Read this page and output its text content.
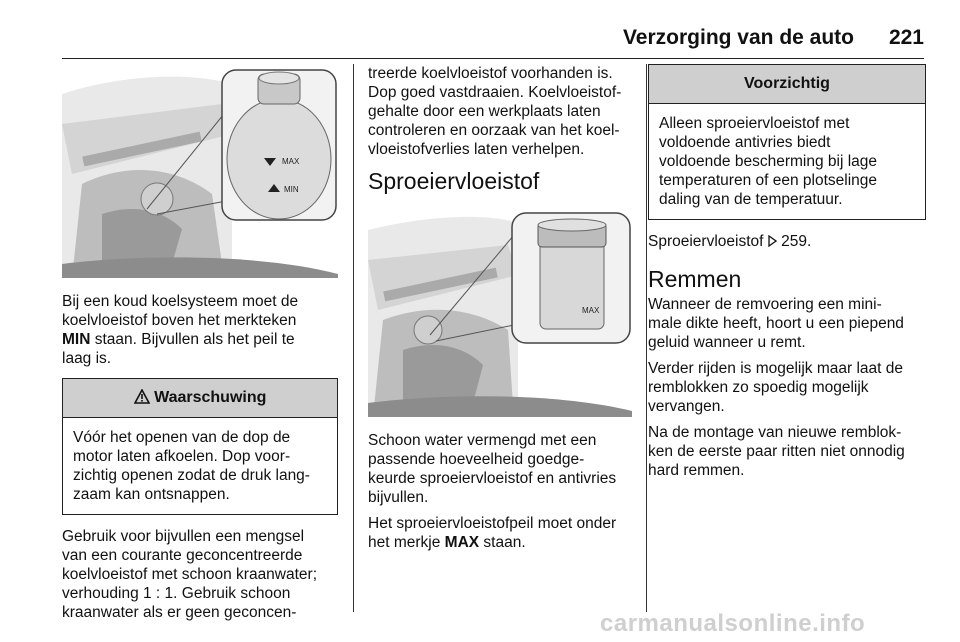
Verzorging van de auto 221
MAX
MIN

Bij een koud koelsysteem moet de
koelvloeistof boven het merkteken
MIN staan. Bijvullen als het peil te
laag is.

Waarschuwing
Vóór het openen van de dop de
motor laten afkoelen. Dop voor-
zichtig openen zodat de druk lang-
zaam kan ontsnappen.

Gebruik voor bijvullen een mengsel
van een courante geconcentreerde
koelvloeistof met schoon kraanwater;
verhouding 1 : 1. Gebruik schoon
kraanwater als er geen geconcen-

treerde koelvloeistof voorhanden is.
Dop goed vastdraaien. Koelvloeistof-
gehalte door een werkplaats laten
controleren en oorzaak van het koel-
vloeistofverlies laten verhelpen.

Sproeiervloeistof
MAX

Schoon water vermengd met een
passende hoeveelheid goedge-
keurde sproeiervloeistof en antivries
bijvullen.

Het sproeiervloeistofpeil moet onder
het merkje MAX staan.

Voorzichtig
Alleen sproeiervloeistof met
voldoende antivries biedt
voldoende bescherming bij lage
temperaturen of een plotselinge
daling van de temperatuur.

Sproeiervloeistof  259.

Remmen

Wanneer de remvoering een mini-
male dikte heeft, hoort u een piepend
geluid wanneer u remt.

Verder rijden is mogelijk maar laat de
remblokken zo spoedig mogelijk
vervangen.

Na de montage van nieuwe remblok-
ken de eerste paar ritten niet onnodig
hard remmen.

carmanualsonline.info
